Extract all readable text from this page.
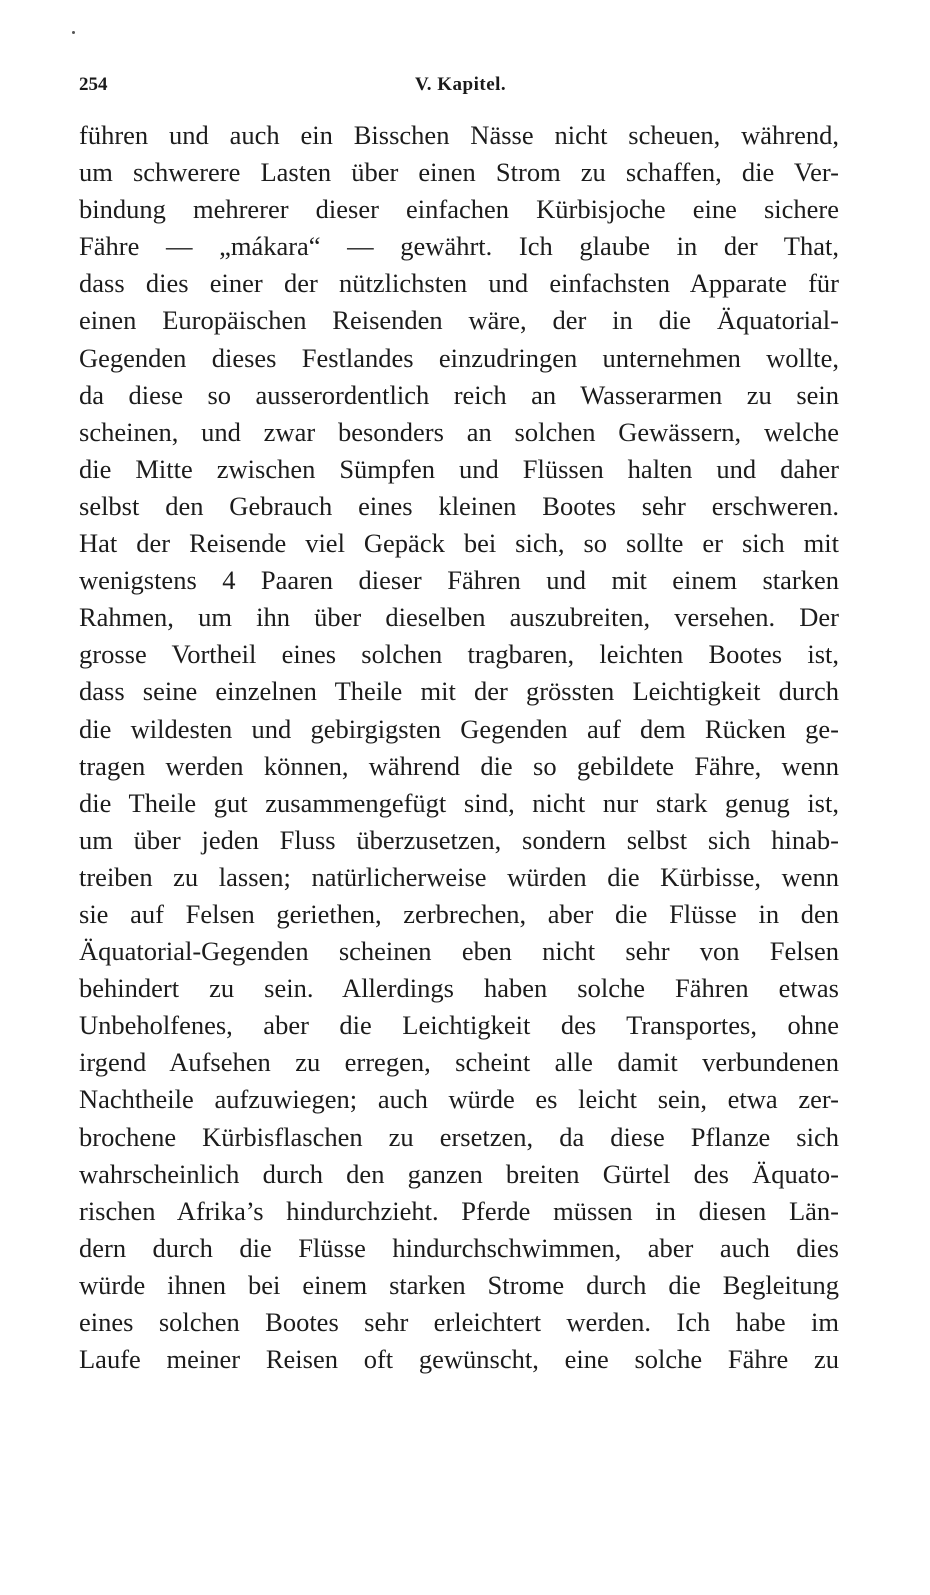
254	V. Kapitel.
führen und auch ein Bisschen Nässe nicht scheuen, während,
um schwerere Lasten über einen Strom zu schaffen, die Ver-
bindung mehrerer dieser einfachen Kürbisjoche eine sichere
Fähre — „mákara“ — gewährt. Ich glaube in der That,
dass dies einer der nützlichsten und einfachsten Apparate für
einen Europäischen Reisenden wäre, der in die Äquatorial-
Gegenden dieses Festlandes einzudringen unternehmen wollte,
da diese so ausserordentlich reich an Wasserarmen zu sein
scheinen, und zwar besonders an solchen Gewässern, welche
die Mitte zwischen Sümpfen und Flüssen halten und daher
selbst den Gebrauch eines kleinen Bootes sehr erschweren.
Hat der Reisende viel Gepäck bei sich, so sollte er sich mit
wenigstens 4 Paaren dieser Fähren und mit einem starken
Rahmen, um ihn über dieselben auszubreiten, versehen. Der
grosse Vortheil eines solchen tragbaren, leichten Bootes ist,
dass seine einzelnen Theile mit der grössten Leichtigkeit durch
die wildesten und gebirgigsten Gegenden auf dem Rücken ge-
tragen werden können, während die so gebildete Fähre, wenn
die Theile gut zusammengefügt sind, nicht nur stark genug ist,
um über jeden Fluss überzusetzen, sondern selbst sich hinab-
treiben zu lassen; natürlicherweise würden die Kürbisse, wenn
sie auf Felsen geriethen, zerbrechen, aber die Flüsse in den
Äquatorial-Gegenden scheinen eben nicht sehr von Felsen
behindert zu sein. Allerdings haben solche Fähren etwas
Unbeholfenes, aber die Leichtigkeit des Transportes, ohne
irgend Aufsehen zu erregen, scheint alle damit verbundenen
Nachtheile aufzuwiegen; auch würde es leicht sein, etwa zer-
brochene Kürbisflaschen zu ersetzen, da diese Pflanze sich
wahrscheinlich durch den ganzen breiten Gürtel des Äquato-
rischen Afrika’s hindurchzieht. Pferde müssen in diesen Län-
dern durch die Flüsse hindurchschwimmen, aber auch dies
würde ihnen bei einem starken Strome durch die Begleitung
eines solchen Bootes sehr erleichtert werden. Ich habe im
Laufe meiner Reisen oft gewünscht, eine solche Fähre zu
